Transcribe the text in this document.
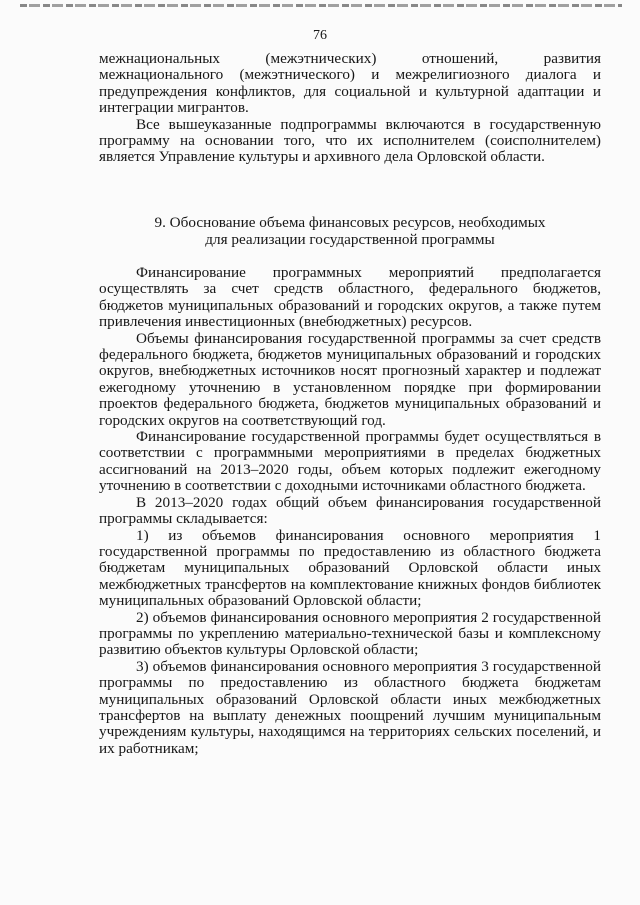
76

межнациональных (межэтнических) отношений, развития межнационального (межэтнического) и межрелигиозного диалога и предупреждения конфликтов, для социальной и культурной адаптации и интеграции мигрантов.

Все вышеуказанные подпрограммы включаются в государственную программу на основании того, что их исполнителем (соисполнителем) является Управление культуры и архивного дела Орловской области.

9. Обоснование объема финансовых ресурсов, необходимых
для реализации государственной программы

Финансирование программных мероприятий предполагается осуществлять за счет средств областного, федерального бюджетов, бюджетов муниципальных образований и городских округов, а также путем привлечения инвестиционных (внебюджетных) ресурсов.

Объемы финансирования государственной программы за счет средств федерального бюджета, бюджетов муниципальных образований и городских округов, внебюджетных источников носят прогнозный характер и подлежат ежегодному уточнению в установленном порядке при формировании проектов федерального бюджета, бюджетов муниципальных образований и городских округов на соответствующий год.

Финансирование государственной программы будет осуществляться в соответствии с программными мероприятиями в пределах бюджетных ассигнований на 2013–2020 годы, объем которых подлежит ежегодному уточнению в соответствии с доходными источниками областного бюджета.

В 2013–2020 годах общий объем финансирования государственной программы складывается:

1) из объемов финансирования основного мероприятия 1 государственной программы по предоставлению из областного бюджета бюджетам муниципальных образований Орловской области иных межбюджетных трансфертов на комплектование книжных фондов библиотек муниципальных образований Орловской области;

2) объемов финансирования основного мероприятия 2 государственной программы по укреплению материально-технической базы и комплексному развитию объектов культуры Орловской области;

3) объемов финансирования основного мероприятия 3 государственной программы по предоставлению из областного бюджета бюджетам муниципальных образований Орловской области иных межбюджетных трансфертов на выплату денежных поощрений лучшим муниципальным учреждениям культуры, находящимся на территориях сельских поселений, и их работникам;
